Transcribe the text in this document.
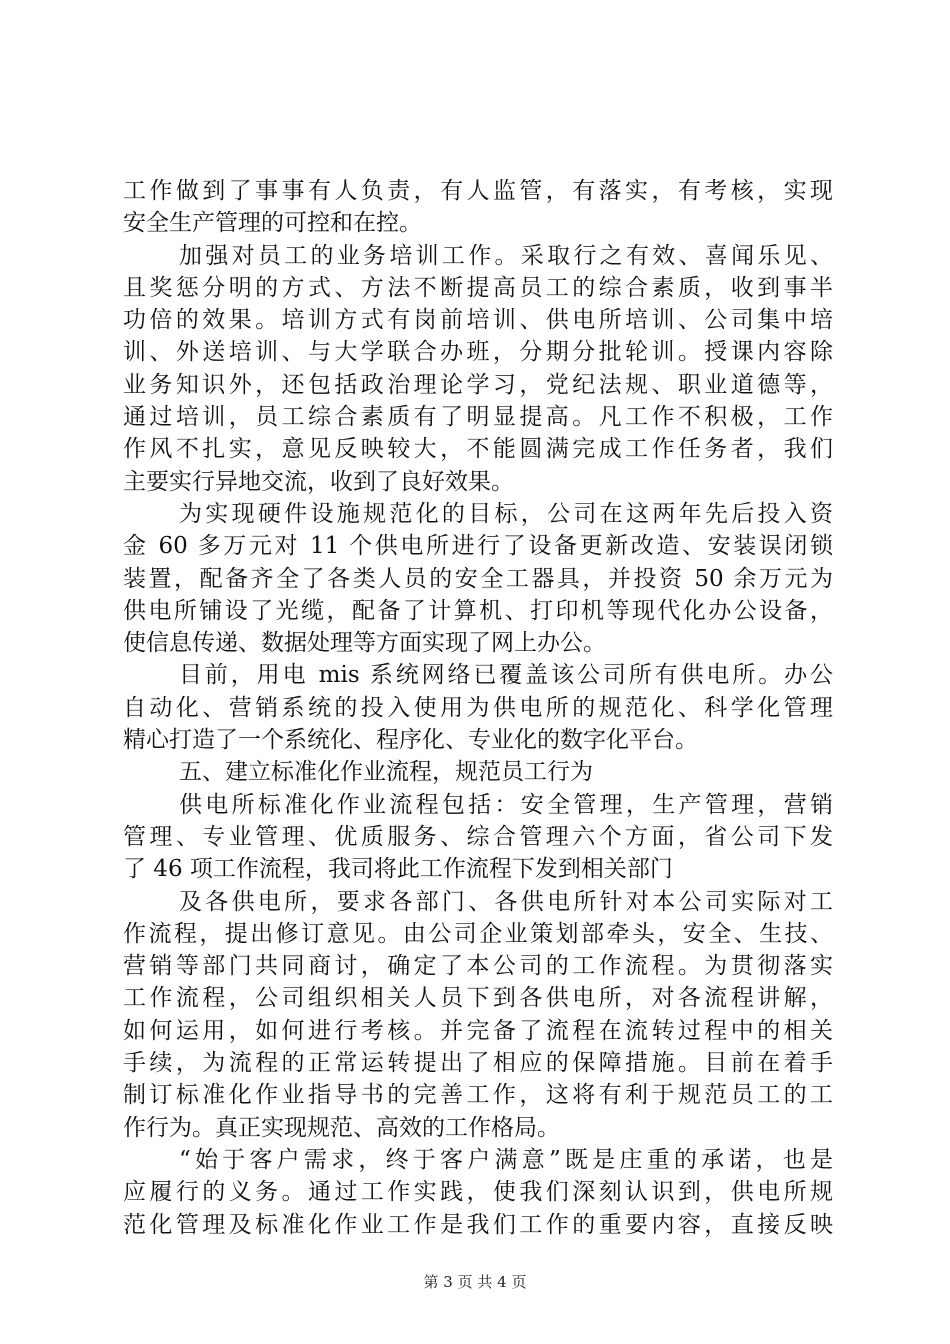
工作做到了事事有人负责，有人监管，有落实，有考核，实现
安全生产管理的可控和在控。
加强对员工的业务培训工作。采取行之有效、喜闻乐见、
且奖惩分明的方式、方法不断提高员工的综合素质，收到事半
功倍的效果。培训方式有岗前培训、供电所培训、公司集中培
训、外送培训、与大学联合办班，分期分批轮训。授课内容除
业务知识外，还包括政治理论学习，党纪法规、职业道德等，
通过培训，员工综合素质有了明显提高。凡工作不积极，工作
作风不扎实，意见反映较大，不能圆满完成工作任务者，我们
主要实行异地交流，收到了良好效果。
为实现硬件设施规范化的目标，公司在这两年先后投入资
金 60 多万元对 11 个供电所进行了设备更新改造、安装误闭锁
装置，配备齐全了各类人员的安全工器具，并投资 50 余万元为
供电所铺设了光缆，配备了计算机、打印机等现代化办公设备，
使信息传递、数据处理等方面实现了网上办公。
目前，用电 mis 系统网络已覆盖该公司所有供电所。办公
自动化、营销系统的投入使用为供电所的规范化、科学化管理
精心打造了一个系统化、程序化、专业化的数字化平台。
五、建立标准化作业流程，规范员工行为
供电所标准化作业流程包括：安全管理，生产管理，营销
管理、专业管理、优质服务、综合管理六个方面，省公司下发
了 46 项工作流程，我司将此工作流程下发到相关部门
及各供电所，要求各部门、各供电所针对本公司实际对工
作流程，提出修订意见。由公司企业策划部牵头，安全、生技、
营销等部门共同商讨，确定了本公司的工作流程。为贯彻落实
工作流程，公司组织相关人员下到各供电所，对各流程讲解，
如何运用，如何进行考核。并完备了流程在流转过程中的相关
手续，为流程的正常运转提出了相应的保障措施。目前在着手
制订标准化作业指导书的完善工作，这将有利于规范员工的工
作行为。真正实现规范、高效的工作格局。
“始于客户需求，终于客户满意”既是庄重的承诺，也是
应履行的义务。通过工作实践，使我们深刻认识到，供电所规
范化管理及标准化作业工作是我们工作的重要内容，直接反映
第 3 页 共 4 页
